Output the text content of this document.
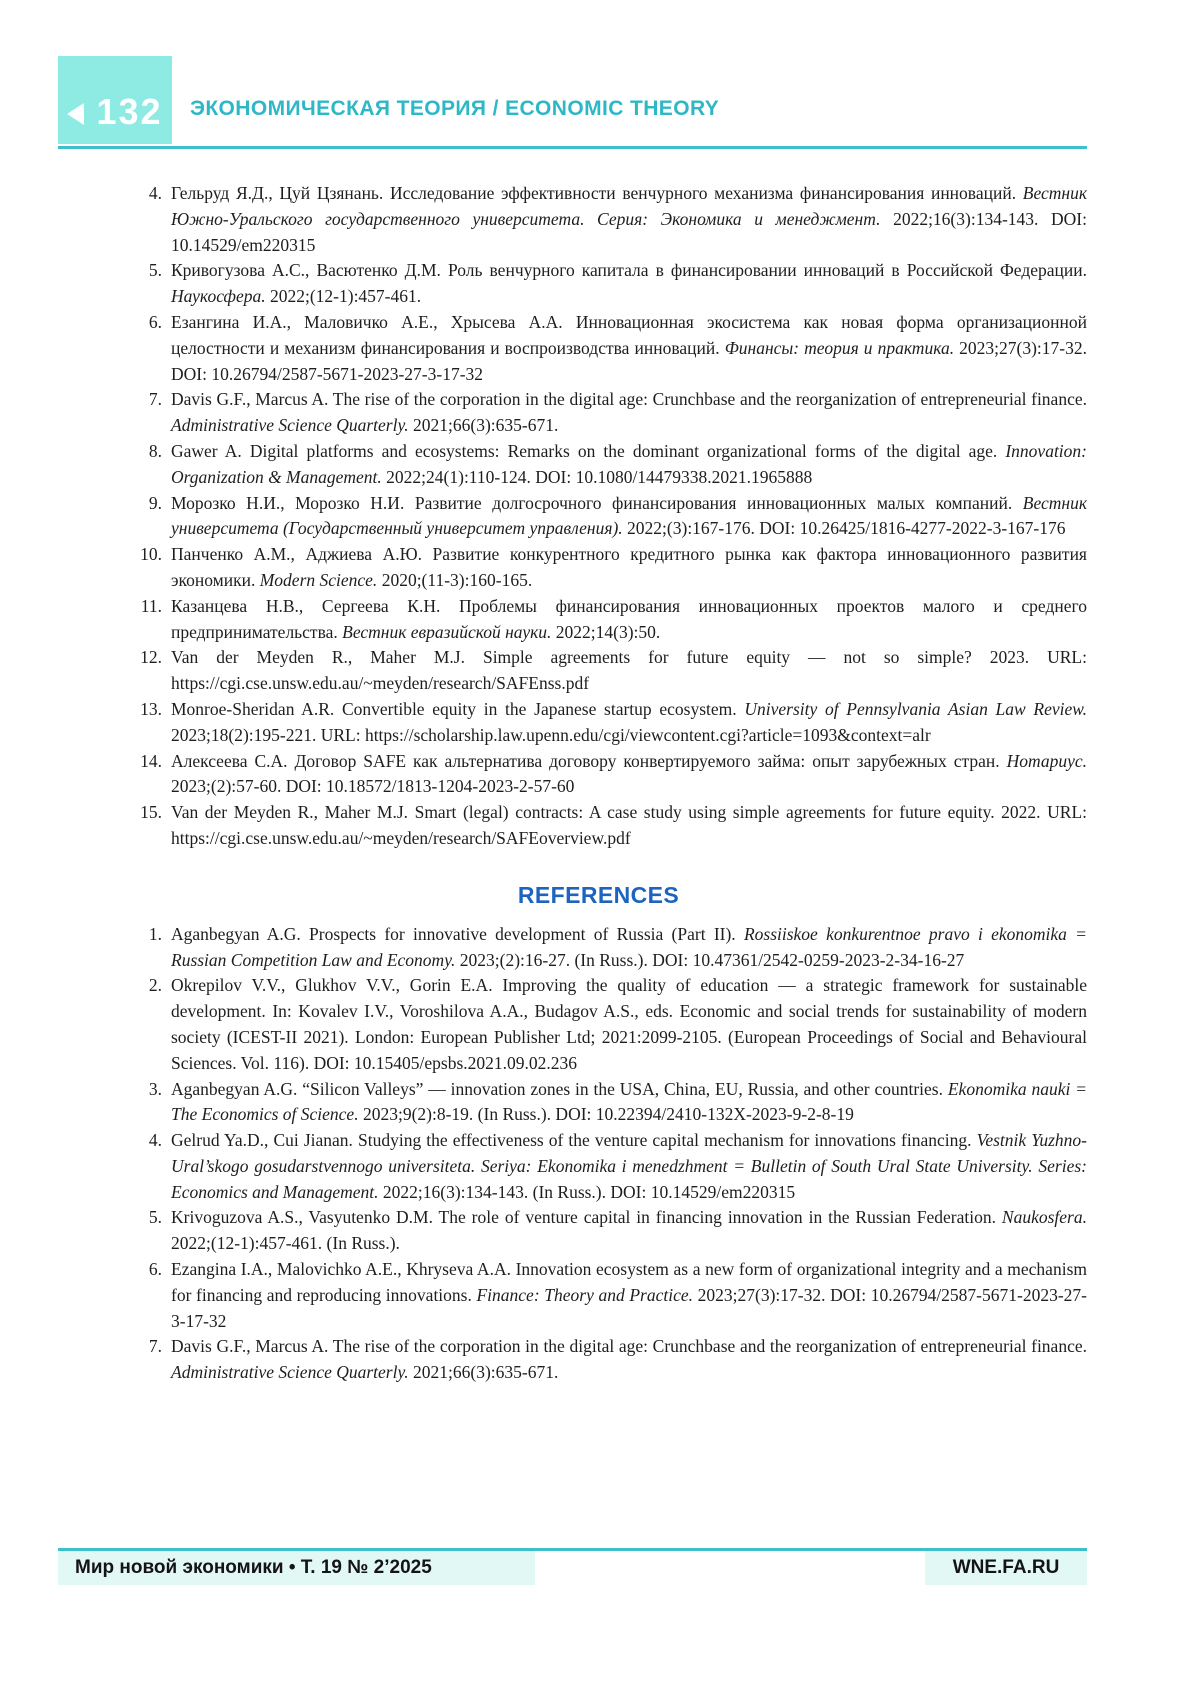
132 ЭКОНОМИЧЕСКАЯ ТЕОРИЯ / ECONOMIC THEORY
4. Гельруд Я.Д., Цуй Цзянань. Исследование эффективности венчурного механизма финансирования инноваций. Вестник Южно-Уральского государственного университета. Серия: Экономика и менеджмент. 2022;16(3):134-143. DOI: 10.14529/em220315
5. Кривогузова А.С., Васютенко Д.М. Роль венчурного капитала в финансировании инноваций в Российской Федерации. Наукосфера. 2022;(12-1):457-461.
6. Езангина И.А., Маловичко А.Е., Хрысева А.А. Инновационная экосистема как новая форма организационной целостности и механизм финансирования и воспроизводства инноваций. Финансы: теория и практика. 2023;27(3):17-32. DOI: 10.26794/2587-5671-2023-27-3-17-32
7. Davis G.F., Marcus A. The rise of the corporation in the digital age: Crunchbase and the reorganization of entrepreneurial finance. Administrative Science Quarterly. 2021;66(3):635-671.
8. Gawer A. Digital platforms and ecosystems: Remarks on the dominant organizational forms of the digital age. Innovation: Organization & Management. 2022;24(1):110-124. DOI: 10.1080/14479338.2021.1965888
9. Морозко Н.И., Морозко Н.И. Развитие долгосрочного финансирования инновационных малых компаний. Вестник университета (Государственный университет управления). 2022;(3):167-176. DOI: 10.26425/1816-4277-2022-3-167-176
10. Панченко А.М., Аджиева А.Ю. Развитие конкурентного кредитного рынка как фактора инновационного развития экономики. Modern Science. 2020;(11-3):160-165.
11. Казанцева Н.В., Сергеева К.Н. Проблемы финансирования инновационных проектов малого и среднего предпринимательства. Вестник евразийской науки. 2022;14(3):50.
12. Van der Meyden R., Maher M.J. Simple agreements for future equity — not so simple? 2023. URL: https://cgi.cse.unsw.edu.au/~meyden/research/SAFEnss.pdf
13. Monroe-Sheridan A.R. Convertible equity in the Japanese startup ecosystem. University of Pennsylvania Asian Law Review. 2023;18(2):195-221. URL: https://scholarship.law.upenn.edu/cgi/viewcontent.cgi?article=1093&context=alr
14. Алексеева С.А. Договор SAFE как альтернатива договору конвертируемого займа: опыт зарубежных стран. Нотариус. 2023;(2):57-60. DOI: 10.18572/1813-1204-2023-2-57-60
15. Van der Meyden R., Maher M.J. Smart (legal) contracts: A case study using simple agreements for future equity. 2022. URL: https://cgi.cse.unsw.edu.au/~meyden/research/SAFEoverview.pdf
REFERENCES
1. Aganbegyan A.G. Prospects for innovative development of Russia (Part II). Rossiiskoe konkurentnoe pravo i ekonomika = Russian Competition Law and Economy. 2023;(2):16-27. (In Russ.). DOI: 10.47361/2542-0259-2023-2-34-16-27
2. Okrepilov V.V., Glukhov V.V., Gorin E.A. Improving the quality of education — a strategic framework for sustainable development. In: Kovalev I.V., Voroshilova A.A., Budagov A.S., eds. Economic and social trends for sustainability of modern society (ICEST-II 2021). London: European Publisher Ltd; 2021:2099-2105. (European Proceedings of Social and Behavioural Sciences. Vol. 116). DOI: 10.15405/epsbs.2021.09.02.236
3. Aganbegyan A.G. “Silicon Valleys” — innovation zones in the USA, China, EU, Russia, and other countries. Ekonomika nauki = The Economics of Science. 2023;9(2):8-19. (In Russ.). DOI: 10.22394/2410-132X-2023-9-2-8-19
4. Gelrud Ya.D., Cui Jianan. Studying the effectiveness of the venture capital mechanism for innovations financing. Vestnik Yuzhno-Ural’skogo gosudarstvennogo universiteta. Seriya: Ekonomika i menedzhment = Bulletin of South Ural State University. Series: Economics and Management. 2022;16(3):134-143. (In Russ.). DOI: 10.14529/em220315
5. Krivoguzova A.S., Vasyutenko D.M. The role of venture capital in financing innovation in the Russian Federation. Naukosfera. 2022;(12-1):457-461. (In Russ.).
6. Ezangina I.A., Malovichko A.E., Khryseva A.A. Innovation ecosystem as a new form of organizational integrity and a mechanism for financing and reproducing innovations. Finance: Theory and Practice. 2023;27(3):17-32. DOI: 10.26794/2587-5671-2023-27-3-17-32
7. Davis G.F., Marcus A. The rise of the corporation in the digital age: Crunchbase and the reorganization of entrepreneurial finance. Administrative Science Quarterly. 2021;66(3):635-671.
Мир новой экономики • Т. 19 № 2’2025	WNE.FA.RU
